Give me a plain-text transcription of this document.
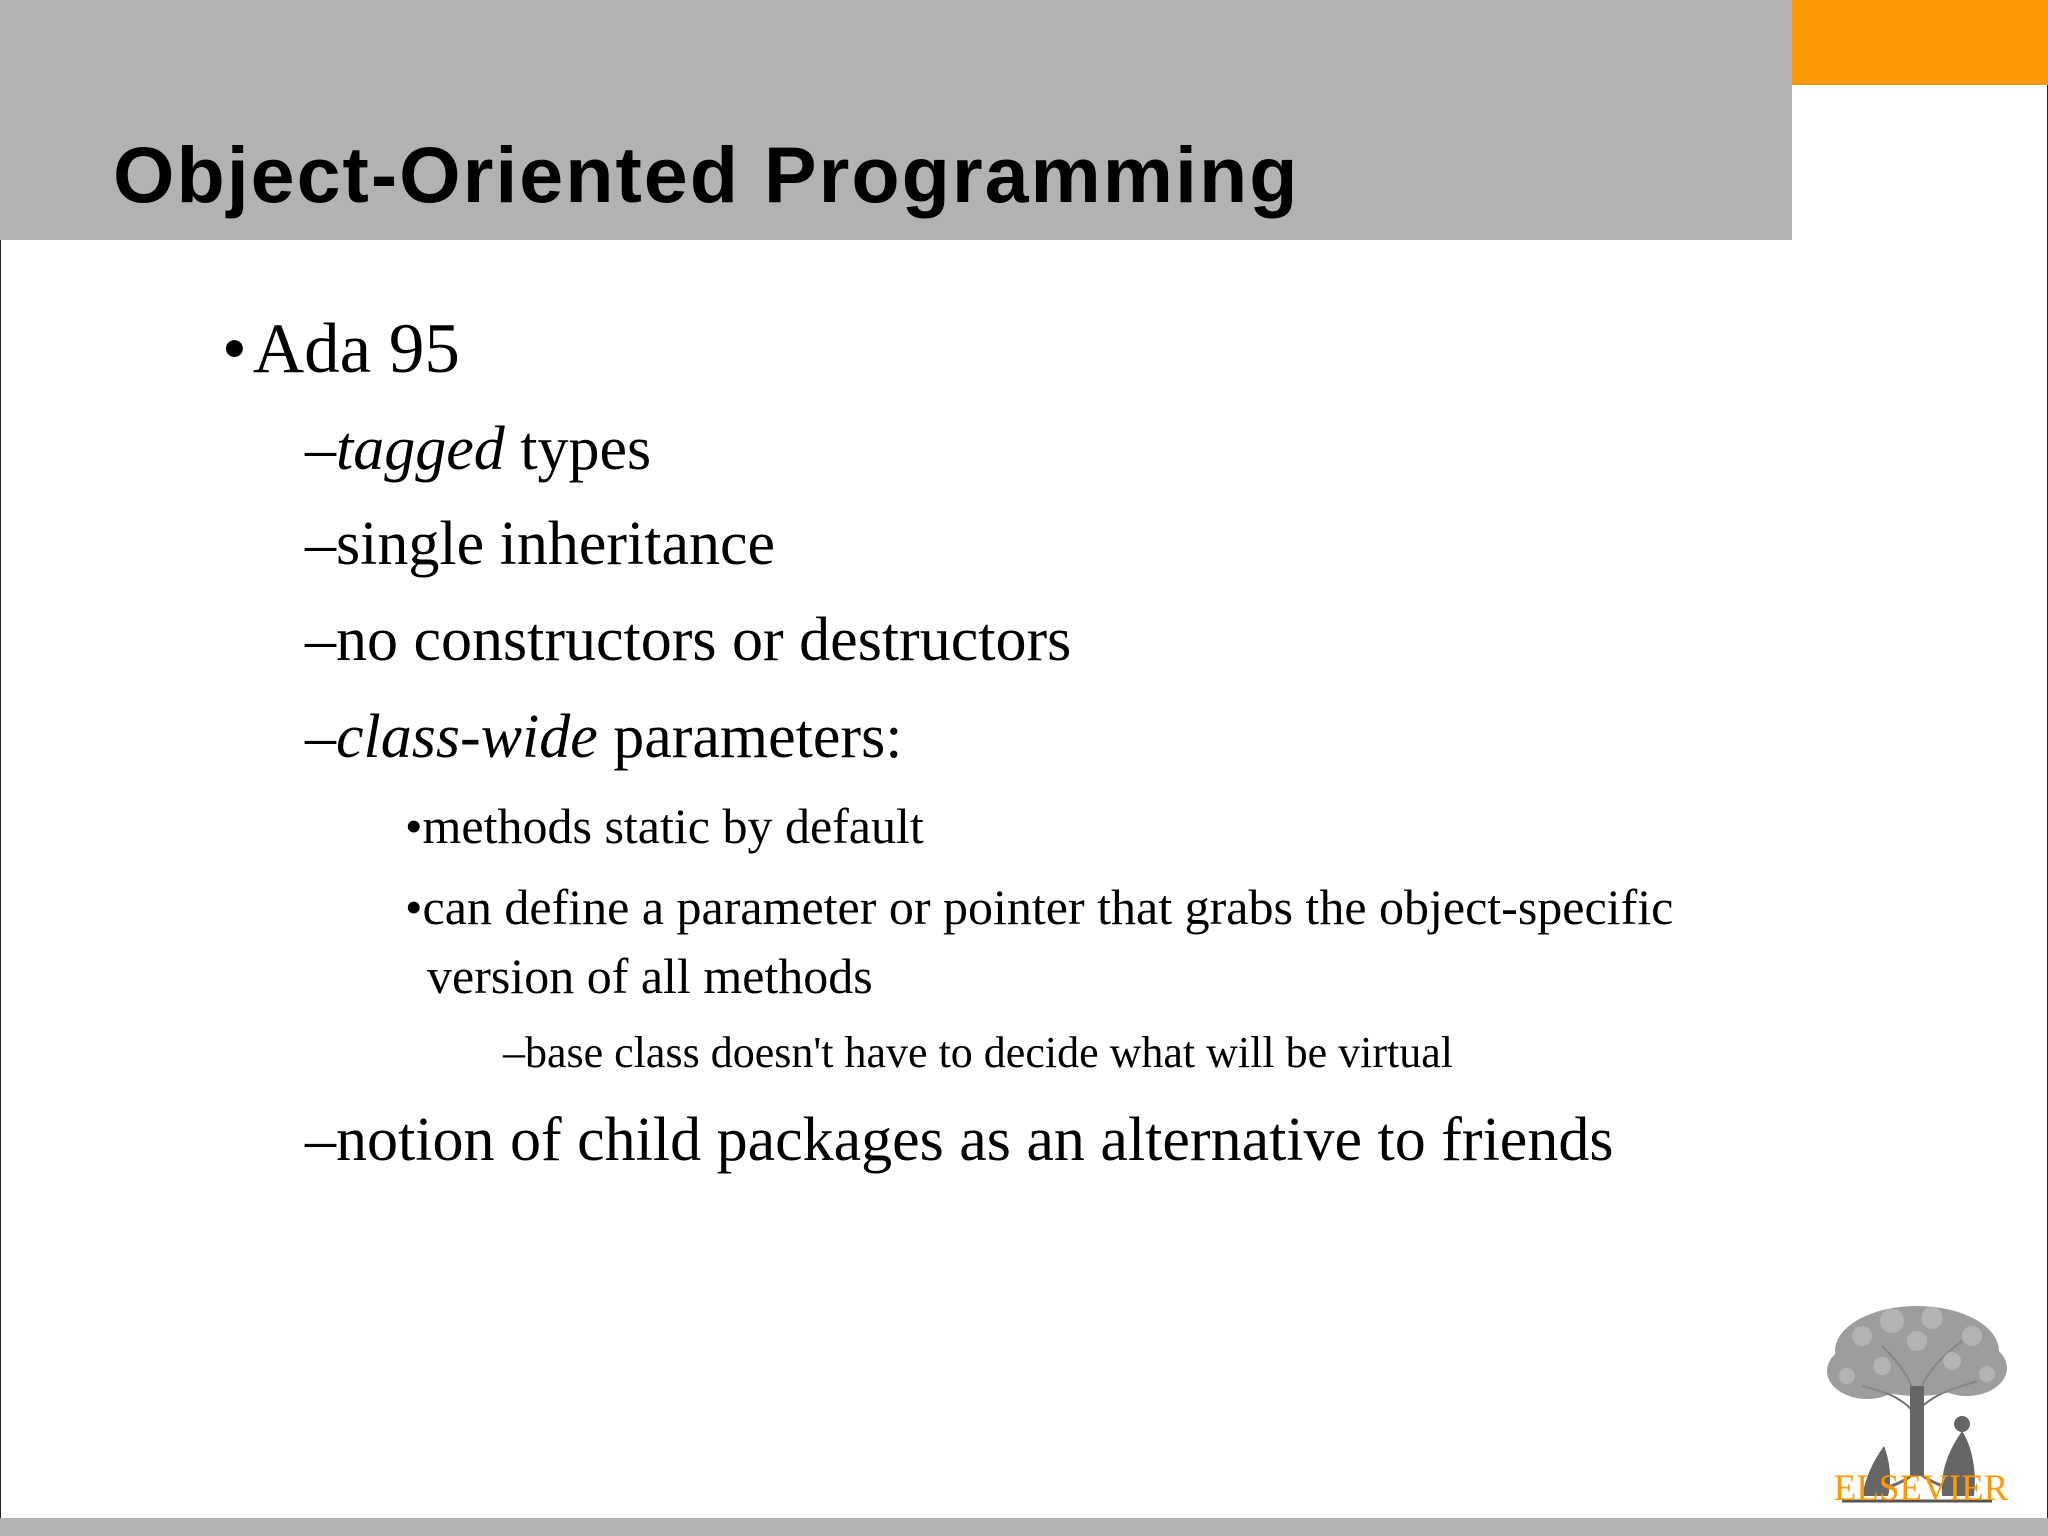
Object-Oriented Programming
•Ada 95
–tagged types
–single inheritance
–no constructors or destructors
–class-wide parameters:
•methods static by default
•can define a parameter or pointer that grabs the object-specific
version of all methods
–base class doesn't have to decide what will be virtual
–notion of child packages as an alternative to friends
ELSEVIER
